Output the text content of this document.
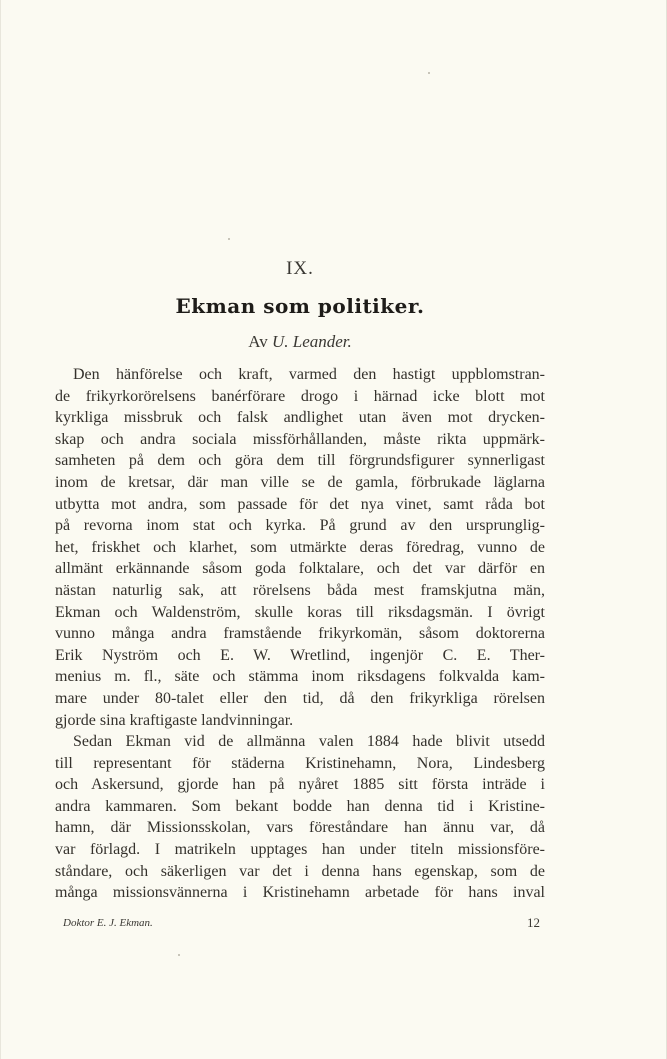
IX.
Ekman som politiker.
Av U. Leander.
Den hänförelse och kraft, varmed den hastigt uppblomstran-
de frikyrkorörelsens banérförare drogo i härnad icke blott mot
kyrkliga missbruk och falsk andlighet utan även mot drycken-
skap och andra sociala missförhållanden, måste rikta uppmärk-
samheten på dem och göra dem till förgrundsfigurer synnerligast
inom de kretsar, där man ville se de gamla, förbrukade läglarna
utbytta mot andra, som passade för det nya vinet, samt råda bot
på revorna inom stat och kyrka. På grund av den ursprunglig-
het, friskhet och klarhet, som utmärkte deras föredrag, vunno de
allmänt erkännande såsom goda folktalare, och det var därför en
nästan naturlig sak, att rörelsens båda mest framskjutna män,
Ekman och Waldenström, skulle koras till riksdagsmän. I övrigt
vunno många andra framstående frikyrkomän, såsom doktorerna
Erik Nyström och E. W. Wretlind, ingenjör C. E. Ther-
menius m. fl., säte och stämma inom riksdagens folkvalda kam-
mare under 80-talet eller den tid, då den frikyrkliga rörelsen
gjorde sina kraftigaste landvinningar.
Sedan Ekman vid de allmänna valen 1884 hade blivit utsedd
till representant för städerna Kristinehamn, Nora, Lindesberg
och Askersund, gjorde han på nyåret 1885 sitt första inträde i
andra kammaren. Som bekant bodde han denna tid i Kristine-
hamn, där Missionsskolan, vars föreståndare han ännu var, då
var förlagd. I matrikeln upptages han under titeln missionsföre-
ståndare, och säkerligen var det i denna hans egenskap, som de
många missionsvännerna i Kristinehamn arbetade för hans inval
Doktor E. J. Ekman.	12
